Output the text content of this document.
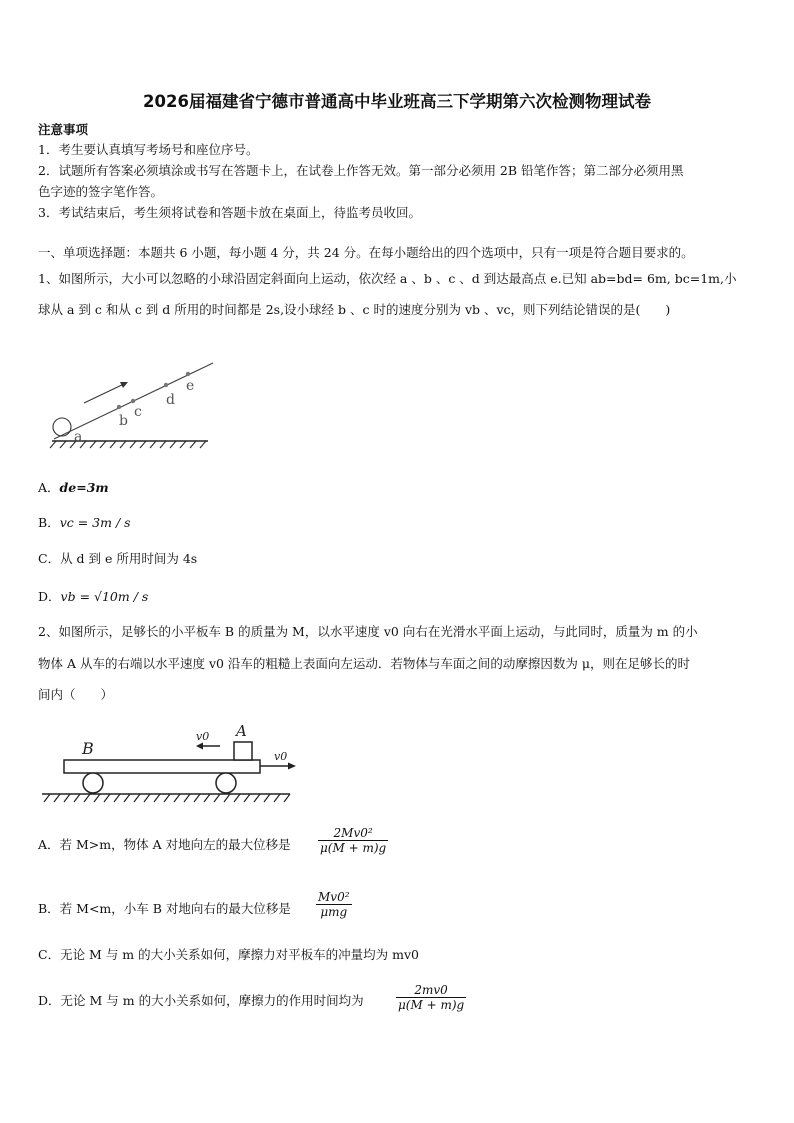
2026届福建省宁德市普通高中毕业班高三下学期第六次检测物理试卷
注意事项
1．考生要认真填写考场号和座位序号。
2．试题所有答案必须填涂或书写在答题卡上，在试卷上作答无效。第一部分必须用 2B 铅笔作答；第二部分必须用黑
色字迹的签字笔作答。
3．考试结束后，考生须将试卷和答题卡放在桌面上，待监考员收回。
一、单项选择题：本题共 6 小题，每小题 4 分，共 24 分。在每小题给出的四个选项中，只有一项是符合题目要求的。
1、如图所示，大小可以忽略的小球沿固定斜面向上运动，依次经 a 、b 、c 、d 到达最高点 e.已知 ab=bd= 6m, bc=1m,小
球从 a 到 c 和从 c 到 d 所用的时间都是 2s,设小球经 b 、c 时的速度分别为 vb 、vc，则下列结论错误的是(　　)
a
b
c
d
e
A．de=3m
B．vc = 3m / s
C．从 d 到 e 所用时间为 4s
D．vb = √10m / s
2、如图所示，足够长的小平板车 B 的质量为 M，以水平速度 v0 向右在光滑水平面上运动，与此同时，质量为 m 的小
物体 A 从车的右端以水平速度 v0 沿车的粗糙上表面向左运动．若物体与车面之间的动摩擦因数为 μ，则在足够长的时
间内（　　）
A
B
v0
v0
A．若 M>m，物体 A 对地向左的最大位移是 $\frac{\text{2Mv0²}}{\mu(M + m)g}$
B．若 M<m，小车 B 对地向右的最大位移是
Mv0²
μmg
C．无论 M 与 m 的大小关系如何，摩擦力对平板车的冲量均为 mv0
D．无论 M 与 m 的大小关系如何，摩擦力的作用时间均为	$\frac{2mv0}{\mu(M + m)g}$
